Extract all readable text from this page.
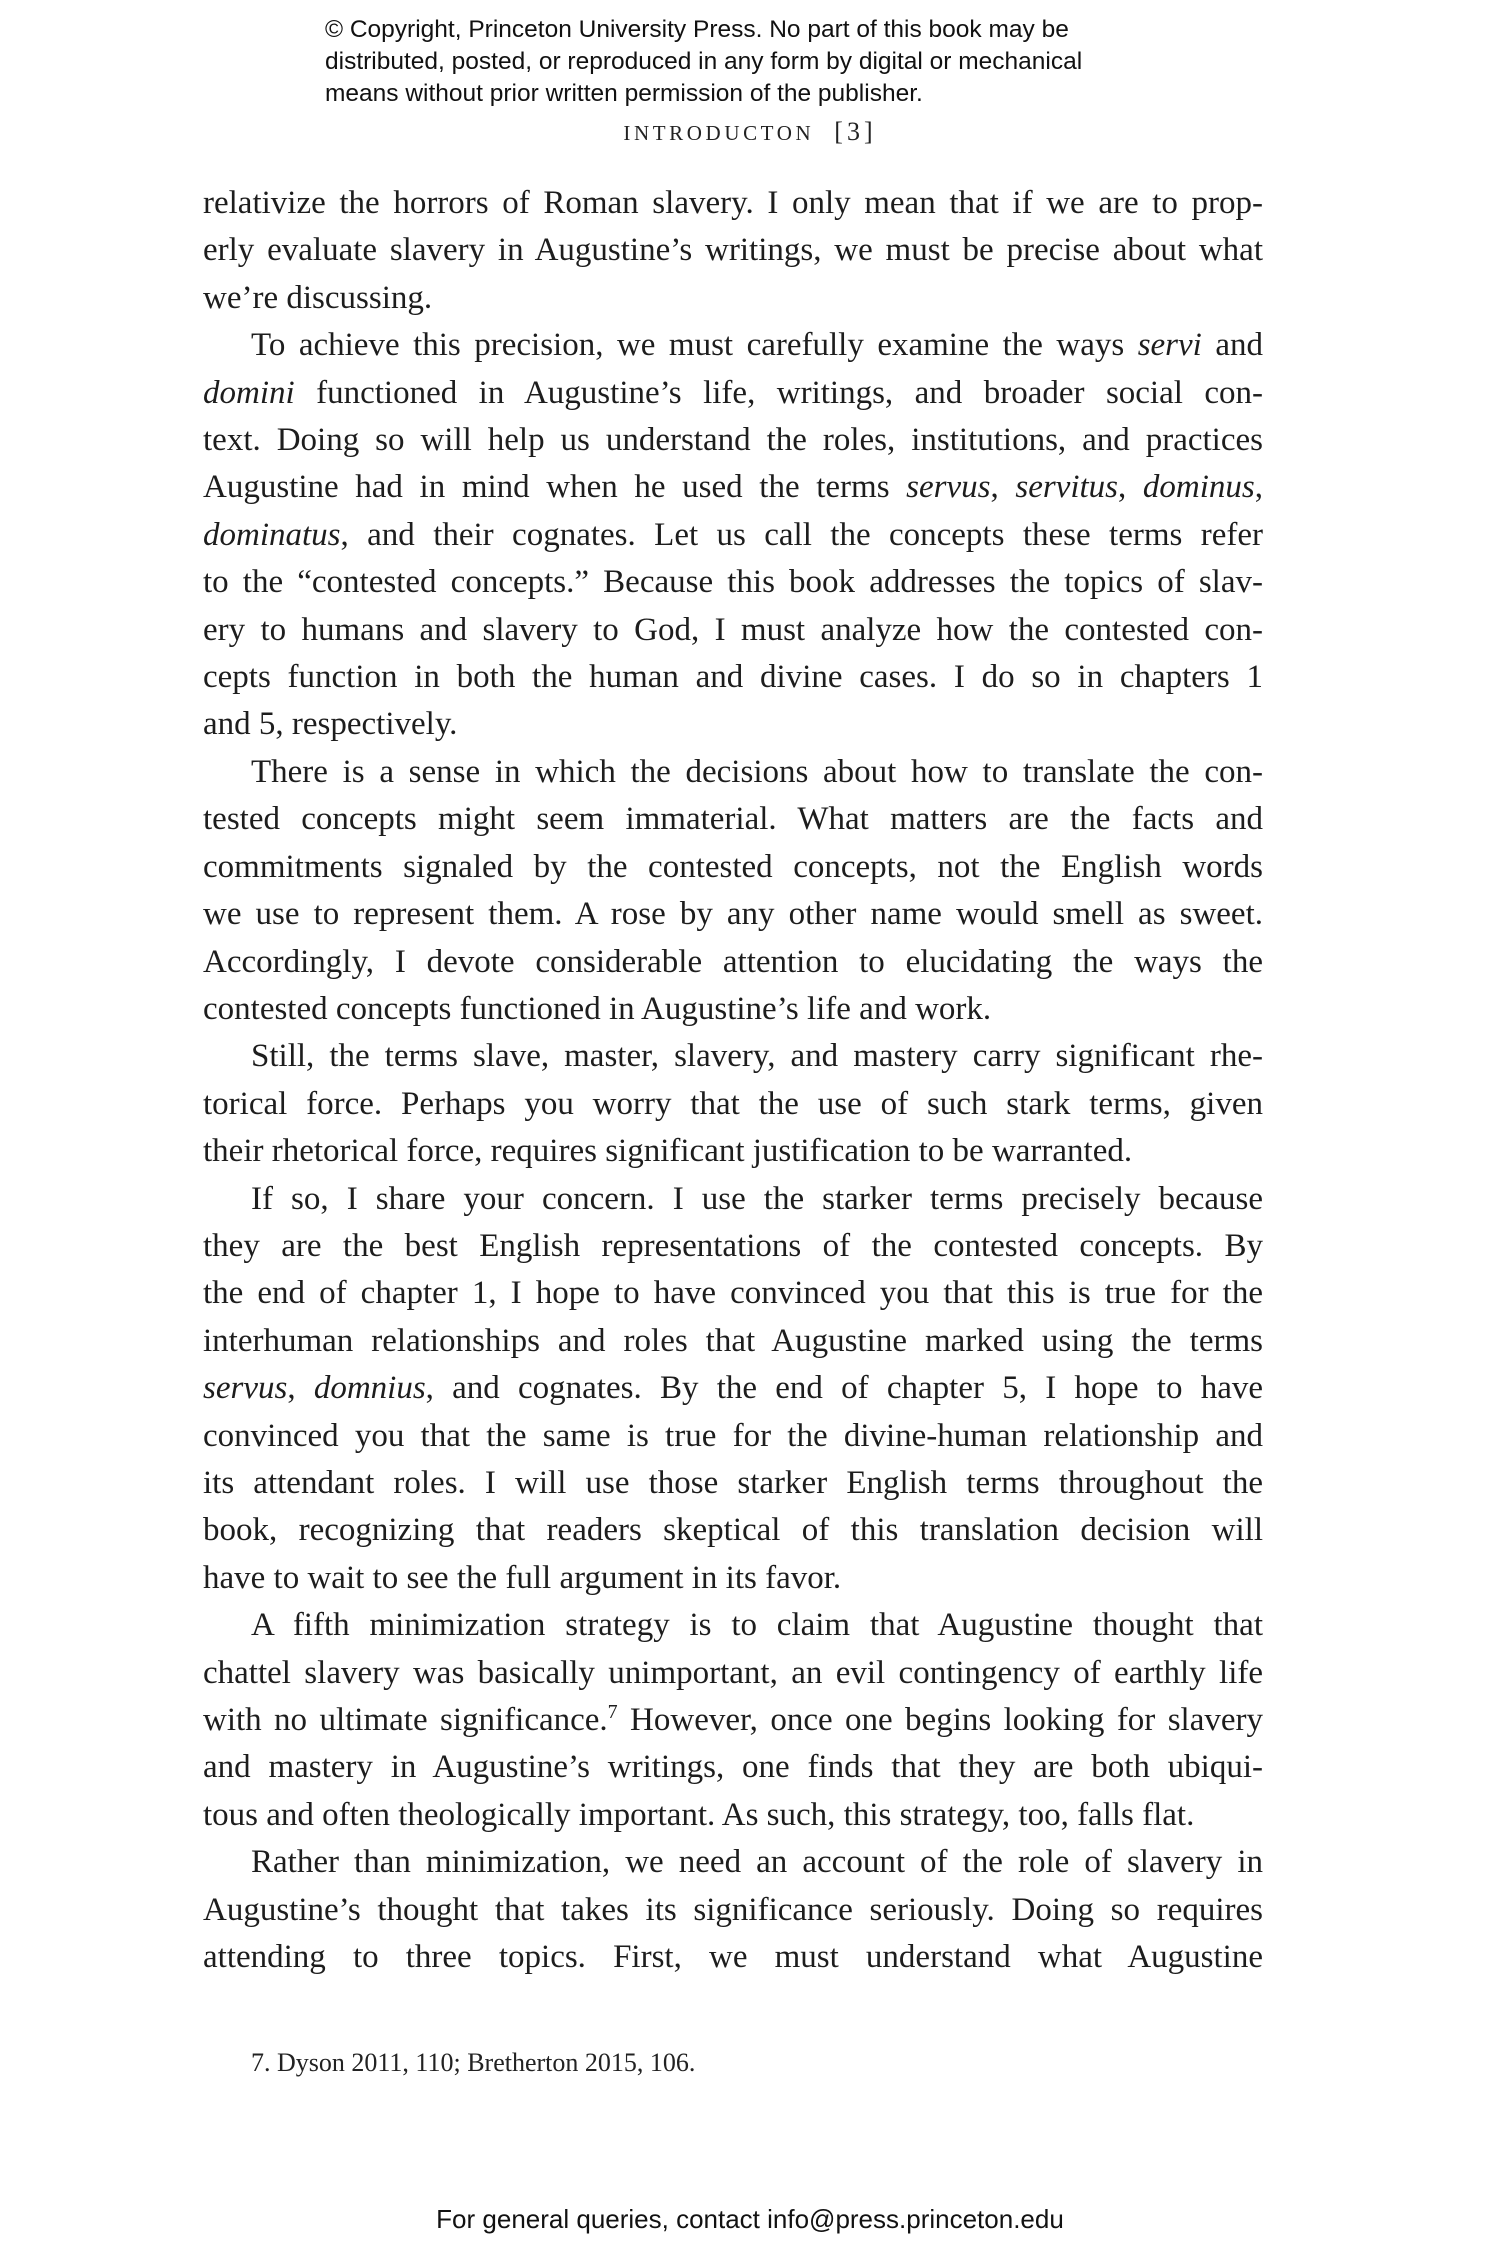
© Copyright, Princeton University Press. No part of this book may be
distributed, posted, or reproduced in any form by digital or mechanical
means without prior written permission of the publisher.
INTRODUCTON [3]

relativize the horrors of Roman slavery. I only mean that if we are to prop-
erly evaluate slavery in Augustine’s writings, we must be precise about what
we’re discussing.

To achieve this precision, we must carefully examine the ways servi and
domini functioned in Augustine’s life, writings, and broader social con-
text. Doing so will help us understand the roles, institutions, and practices
Augustine had in mind when he used the terms servus, servitus, dominus,
dominatus, and their cognates. Let us call the concepts these terms refer
to the “contested concepts.” Because this book addresses the topics of slav-
ery to humans and slavery to God, I must analyze how the contested con-
cepts function in both the human and divine cases. I do so in chapters 1
and 5, respectively.

There is a sense in which the decisions about how to translate the con-
tested concepts might seem immaterial. What matters are the facts and
commitments signaled by the contested concepts, not the English words
we use to represent them. A rose by any other name would smell as sweet.
Accordingly, I devote considerable attention to elucidating the ways the
contested concepts functioned in Augustine’s life and work.

Still, the terms slave, master, slavery, and mastery carry significant rhe-
torical force. Perhaps you worry that the use of such stark terms, given
their rhetorical force, requires significant justification to be warranted.

If so, I share your concern. I use the starker terms precisely because
they are the best English representations of the contested concepts. By
the end of chapter 1, I hope to have convinced you that this is true for the
interhuman relationships and roles that Augustine marked using the terms
servus, domnius, and cognates. By the end of chapter 5, I hope to have
convinced you that the same is true for the divine-human relationship and
its attendant roles. I will use those starker English terms throughout the
book, recognizing that readers skeptical of this translation decision will
have to wait to see the full argument in its favor.

A fifth minimization strategy is to claim that Augustine thought that
chattel slavery was basically unimportant, an evil contingency of earthly life
with no ultimate significance.$^7$ However, once one begins looking for slavery
and mastery in Augustine’s writings, one finds that they are both ubiqui-
tous and often theologically important. As such, this strategy, too, falls flat.

Rather than minimization, we need an account of the role of slavery in
Augustine’s thought that takes its significance seriously. Doing so requires
attending to three topics. First, we must understand what Augustine

7. Dyson 2011, 110; Bretherton 2015, 106.
For general queries, contact info@press.princeton.edu
